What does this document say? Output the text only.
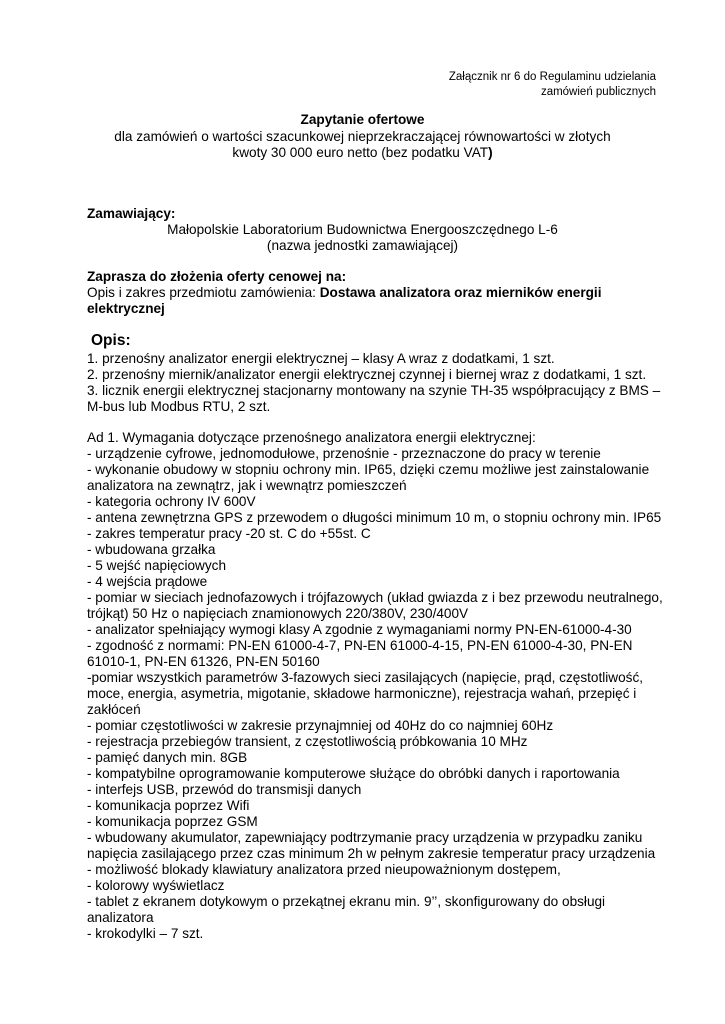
Załącznik nr 6 do Regulaminu udzielania
zamówień publicznych
Zapytanie ofertowe
dla zamówień o wartości szacunkowej nieprzekraczającej równowartości w złotych
kwoty 30 000 euro netto (bez podatku VAT)
Zamawiający:
Małopolskie Laboratorium Budownictwa Energooszczędnego L-6
(nazwa jednostki zamawiającej)
Zaprasza do złożenia oferty cenowej na:
Opis i zakres przedmiotu zamówienia: Dostawa analizatora oraz mierników energii
elektrycznej
Opis:
1. przenośny analizator energii elektrycznej – klasy A wraz z dodatkami, 1 szt.
2. przenośny miernik/analizator energii elektrycznej czynnej i biernej wraz z dodatkami, 1 szt.
3. licznik energii elektrycznej stacjonarny montowany na szynie TH-35 współpracujący z BMS –
M-bus lub Modbus RTU, 2 szt.
Ad 1. Wymagania dotyczące przenośnego analizatora energii elektrycznej:
- urządzenie cyfrowe, jednomodułowe, przenośnie - przeznaczone do pracy w terenie
- wykonanie obudowy w stopniu ochrony min. IP65, dzięki czemu możliwe jest zainstalowanie
analizatora na zewnątrz, jak i wewnątrz pomieszczeń
- kategoria ochrony IV 600V
- antena zewnętrzna GPS z przewodem o długości minimum 10 m, o stopniu ochrony min. IP65
- zakres temperatur pracy -20 st. C do +55st. C
- wbudowana grzałka
- 5 wejść napięciowych
- 4 wejścia prądowe
- pomiar w sieciach jednofazowych i trójfazowych (układ gwiazda z i bez przewodu neutralnego,
trójkąt) 50 Hz o napięciach znamionowych 220/380V, 230/400V
- analizator spełniający wymogi klasy A zgodnie z wymaganiami normy PN-EN-61000-4-30
- zgodność z normami: PN-EN 61000-4-7, PN-EN 61000-4-15, PN-EN 61000-4-30, PN-EN
61010-1, PN-EN 61326, PN-EN 50160
-pomiar wszystkich parametrów 3-fazowych sieci zasilających (napięcie, prąd, częstotliwość,
moce, energia, asymetria, migotanie, składowe harmoniczne), rejestracja wahań, przepięć i
zakłóceń
- pomiar częstotliwości w zakresie przynajmniej od 40Hz do co najmniej 60Hz
- rejestracja przebiegów transient, z częstotliwością próbkowania 10 MHz
- pamięć danych min. 8GB
- kompatybilne oprogramowanie komputerowe służące do obróbki danych i raportowania
- interfejs USB, przewód do transmisji danych
- komunikacja poprzez Wifi
- komunikacja poprzez GSM
- wbudowany akumulator, zapewniający podtrzymanie pracy urządzenia w przypadku zaniku
napięcia zasilającego przez czas minimum 2h w pełnym zakresie temperatur pracy urządzenia
- możliwość blokady klawiatury analizatora przed nieupoważnionym dostępem,
- kolorowy wyświetlacz
- tablet z ekranem dotykowym o przekątnej ekranu min. 9’’, skonfigurowany do obsługi
analizatora
- krokodylki – 7 szt.
